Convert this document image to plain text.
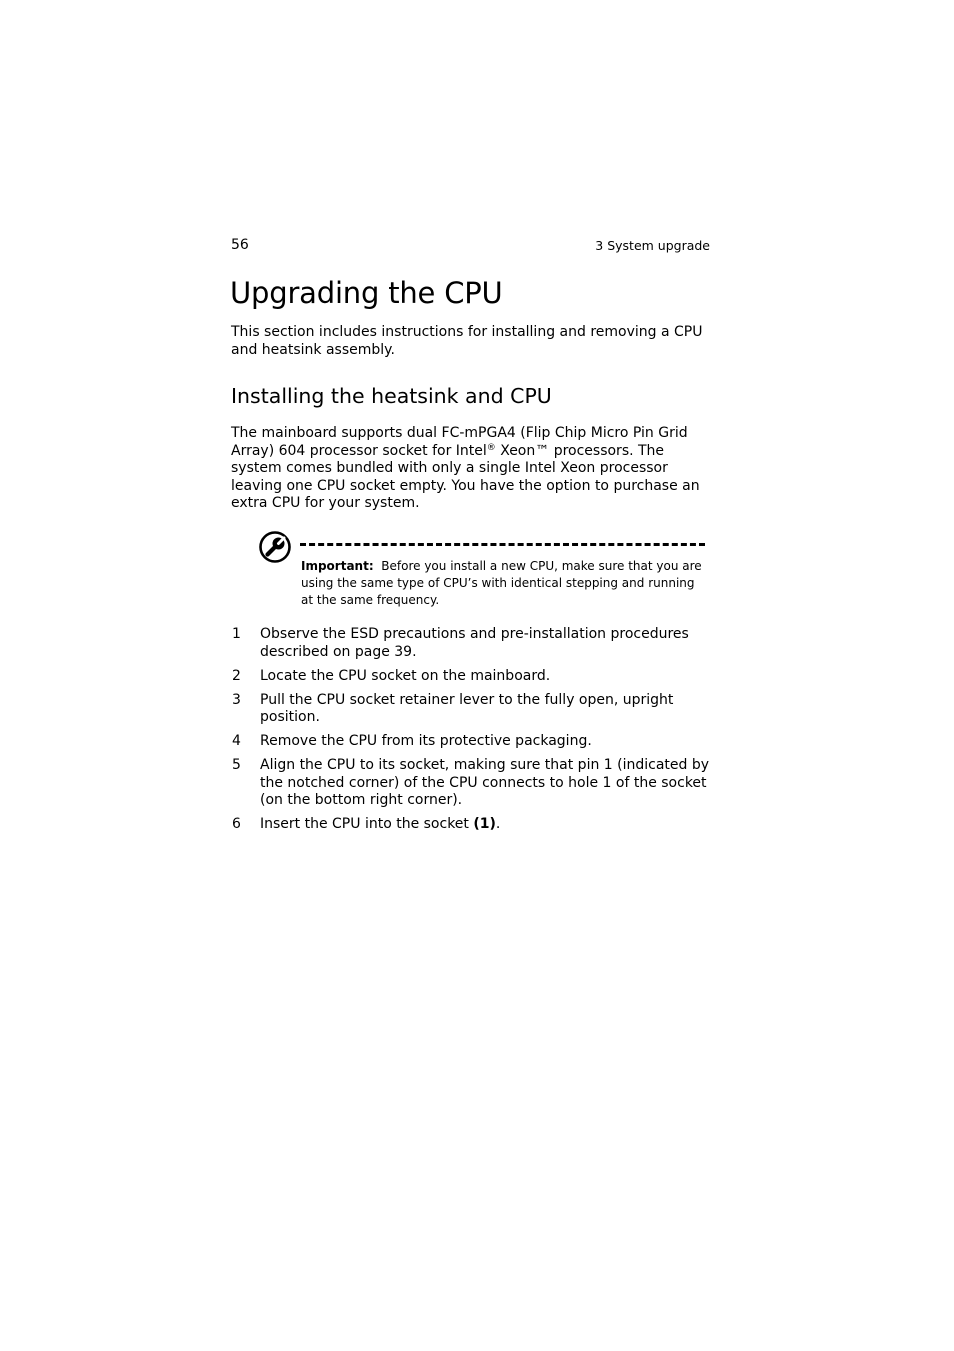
56	3 System upgrade
Upgrading the CPU

This section includes instructions for installing and removing a CPU and heatsink assembly.

Installing the heatsink and CPU

The mainboard supports dual FC-mPGA4 (Flip Chip Micro Pin Grid Array) 604 processor socket for Intel® Xeon™ processors. The system comes bundled with only a single Intel Xeon processor leaving one CPU socket empty. You have the option to purchase an extra CPU for your system.

Important: Before you install a new CPU, make sure that you are using the same type of CPU’s with identical stepping and running at the same frequency.

1 Observe the ESD precautions and pre-installation procedures described on page 39.
2 Locate the CPU socket on the mainboard.
3 Pull the CPU socket retainer lever to the fully open, upright position.
4 Remove the CPU from its protective packaging.
5 Align the CPU to its socket, making sure that pin 1 (indicated by the notched corner) of the CPU connects to hole 1 of the socket (on the bottom right corner).
6 Insert the CPU into the socket (1).
